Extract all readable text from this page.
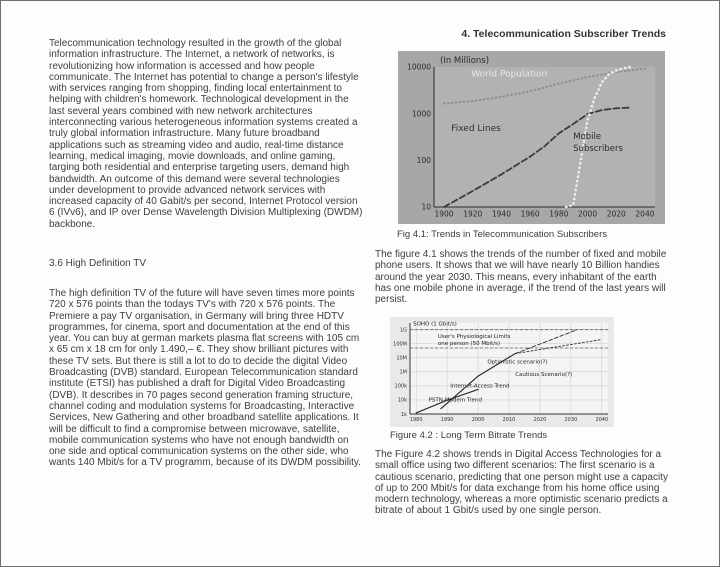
Telecommunication technology resulted in the growth of the global information infrastructure. The Internet, a network of networks, is revolutionizing how information is accessed and how people communicate. The Internet has potential to change a person's lifestyle with services ranging from shopping, finding local entertainment to helping with children's homework. Technological development in the last several years combined with new network architectures interconnecting various heterogeneous information systems created a truly global information infrastructure. Many future broadband applications such as streaming video and audio, real-time distance learning, medical imaging, movie downloads, and online gaming, targing both residential and enterprise targeting users, demand high bandwidth. An outcome of this demand were several technologies under development to provide advanced network services with increased capacity of 40 Gabit/s per second, Internet Protocol version 6 (IVv6), and IP over Dense Wavelength Division Multiplexing (DWDM) backbone.

3.6 High Definition TV

The high definition TV of the future will have seven times more points 720 x 576 points than the todays TV's with 720 x 576 points. The Premiere a pay TV organisation, in Germany will bring three HDTV programmes, for cinema, sport and documentation at the end of this year. You can buy at german markets plasma flat screens with 105 cm x 65 cm x 18 cm for only 1.490,– €. They show brilliant pictures with these TV sets. But there is still a lot to do to decide the digital Video Broadcasting (DVB) standard. European Telecommunication standard institute (ETSI) has published a draft for Digital Video Broadcasting (DVB). It describes in 70 pages second generation framing structure, channel coding and modulation systems for Broadcasting, Interactive Services, New Gathering and other broadband satellite applications. It will be difficult to find a compromise between microwave, satellite, mobile communication systems who have not enough bandwidth on one side and optical communication systems on the other side, who wants 140 Mbit/s for a TV programm, because of its DWDM possibility.

4. Telecommunication Subscriber Trends
10
100
1000
10000
1900 1920 1940 1960 1980 2000 2020 2040
(In Millions)
World Population
Fixed Lines
Mobile
Subscribers
Fig 4.1: Trends in Telecommunication Subscribers

The figure 4.1 shows the trends of the number of fixed and mobile phone users. It shows that we will have nearly 10 Billion handies around the year 2030. This means, every inhabitant of the earth has one mobile phone in average, if the trend of the last years will persist.

1k
10k
100k
1M
10M
100M
1G
1980	1990	2000	2010	2020	2030	2040
SOHO (1 Gbit/s)
User's Physiological Limits
one person (50 Mbit/s)
Optimistic scenario(?)
Cautious Scenario(?)
Internet-Access Trend
PSTN-Modem Trend
Figure 4.2 : Long Term Bitrate Trends

The Figure 4.2 shows trends in Digital Access Technologies for a small office using two different scenarios: The first scenario is a cautious scenario, predicting that one person might use a capacity of up to 200 Mbit/s for data exchange from his home office using modern technology, whereas a more optimistic scenario predicts a bitrate of about 1 Gbit/s used by one single person.
